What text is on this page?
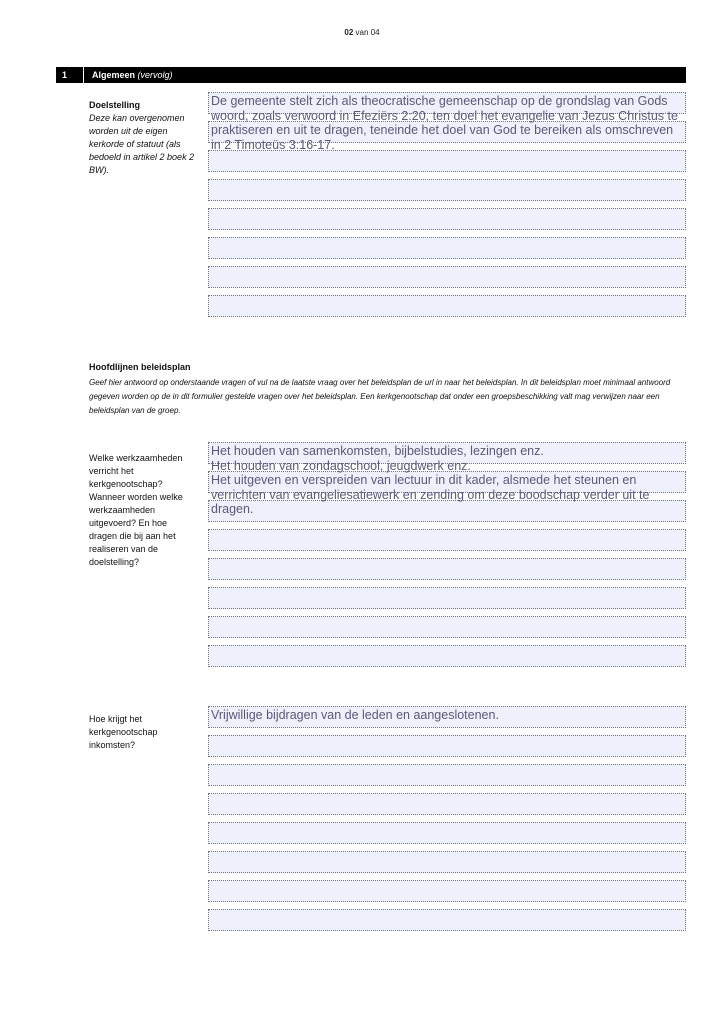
02 van 04
1	Algemeen (vervolg)
Doelstelling
Deze kan overgenomen worden uit de eigen kerkorde of statuut (als bedoeld in artikel 2 boek 2 BW).
De gemeente stelt zich als theocratische gemeenschap op de grondslag van Gods woord, zoals verwoord in Efeziërs 2:20, ten doel het evangelie van Jezus Christus te praktiseren en uit te dragen, teneinde het doel van God te bereiken als omschreven in 2 Timoteüs 3:16-17.
Hoofdlijnen beleidsplan
Geef hier antwoord op onderstaande vragen of vul na de laatste vraag over het beleidsplan de url in naar het beleidsplan. In dit beleidsplan moet minimaal antwoord gegeven worden op de in dit formulier gestelde vragen over het beleidsplan. Een kerkgenootschap dat onder een groepsbeschikking valt mag verwijzen naar een beleidsplan van de groep.
Welke werkzaamheden verricht het kerkgenootschap? Wanneer worden welke werkzaamheden uitgevoerd? En hoe dragen die bij aan het realiseren van de doelstelling?
Het houden van samenkomsten, bijbelstudies, lezingen enz.
Het houden van zondagschool, jeugdwerk enz.
Het uitgeven en verspreiden van lectuur in dit kader, alsmede het steunen en verrichten van evangeliesatiewerk en zending om deze boodschap verder uit te dragen.
Hoe krijgt het kerkgenootschap inkomsten?
Vrijwillige bijdragen van de leden en aangeslotenen.
